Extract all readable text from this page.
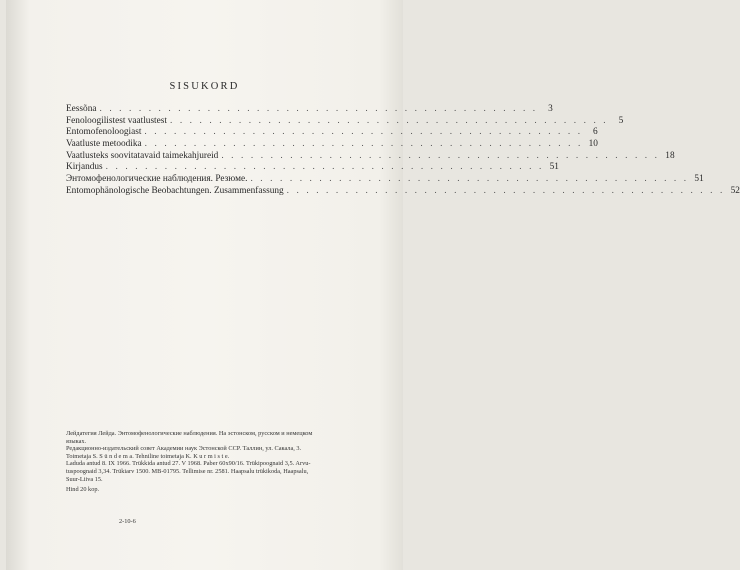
SISUKORD
Eessõna . . . . . . . . . . . . . . . . . . . . . . . . . . . . . . . . . . . . . . . . . . . . .	3
Fenoloogilistest vaatlustest . . . . . . . . . . . . . . . . . . . . . . . . . . . . . . . . . . . . . . . . . . . . .	5
Entomofenoloogiast . . . . . . . . . . . . . . . . . . . . . . . . . . . . . . . . . . . . . . . . . . . . .	6
Vaatluste metoodika . . . . . . . . . . . . . . . . . . . . . . . . . . . . . . . . . . . . . . . . . . . . . 10
Vaatlusteks soovitatavaid taimekahjureid . . . . . . . . . . . . . . . . . . . . . . . . . . . . . . . . . . . . . . . . . . . . . 18
Kirjandus . . . . . . . . . . . . . . . . . . . . . . . . . . . . . . . . . . . . . . . . . . . . . 51
Энтомофенологические наблюдения. Резюме. . . . . . . . . . . . . . . . . . . . . . . . . . . . . . . . . . . . . . . . . . . . . . 51
Entomophänologische Beobachtungen. Zusammenfassung . . . . . . . . . . . . . . . . . . . . . . . . . . . . . . . . . . . . . . . . . . . . . 52
Лейдатегия Лейда. Энтомофенологические наблюдения. На эстонском, русском и немецком
языках.
Редакционно-издательский совет Академии наук Эстонской ССР. Таллин, ул. Сакала, 3.
Toimetaja S. S ü n d e m a. Tehniline toimetaja K. K u r m i s t e.
Laduda antud 8. IX 1966. Trükkida antud 27. V 1968. Paber 60x90/16. Trükipoognaid 3,5. Arvu-
tuspoognaid 3,34. Trükiarv 1500. MB-01795. Tellimise nr. 2581. Haapsalu trükikoda, Haapsalu,
Suur-Liiva 15.
Hind 20 kop.
2-10-6
